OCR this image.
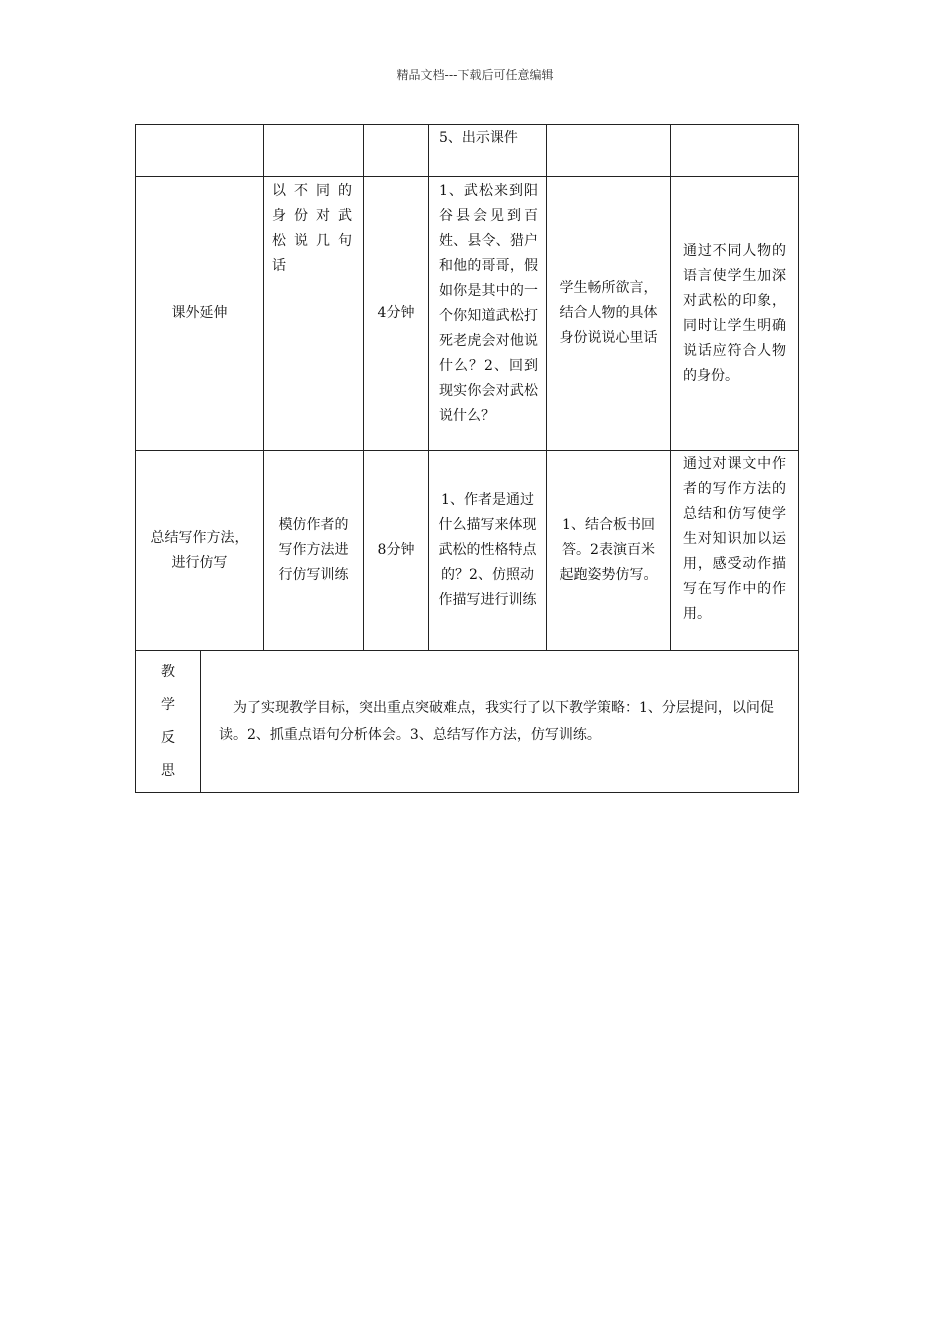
精品文档---下载后可任意编辑
				5、出示课件		
课外延伸		以不同的身份对武松说几句话	4分钟	1、武松来到阳谷县会见到百姓、县令、猎户和他的哥哥，假如你是其中的一个你知道武松打死老虎会对他说什么？2、回到现实你会对武松说什么？	学生畅所欲言，结合人物的具体身份说说心里话	通过不同人物的语言使学生加深对武松的印象，同时让学生明确说话应符合人物的身份。
总结写作方法，进行仿写		模仿作者的写作方法进行仿写训练	8分钟	1、作者是通过什么描写来体现武松的性格特点的？2、仿照动作描写进行训练	1、结合板书回答。2表演百米起跑姿势仿写。	通过对课文中作者的写作方法的总结和仿写使学生对知识加以运用，感受动作描写在写作中的作用。

教
学
反
思	为了实现教学目标，突出重点突破难点，我实行了以下教学策略：1、分层提问，以问促读。2、抓重点语句分析体会。3、总结写作方法，仿写训练。					
